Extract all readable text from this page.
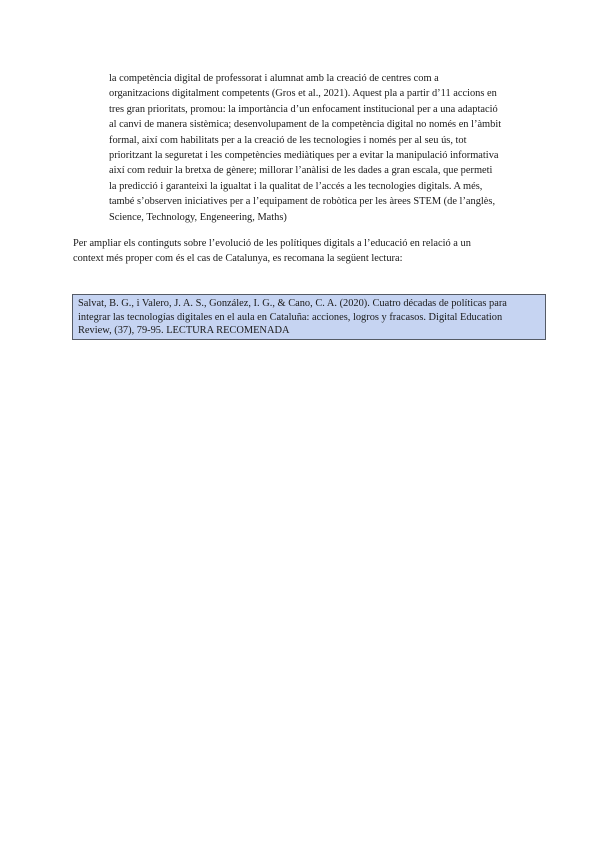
la competència digital de professorat i alumnat amb la creació de centres com a
organitzacions digitalment competents (Gros et al., 2021). Aquest pla a partir d’11 accions en
tres gran prioritats, promou: la importància d’un enfocament institucional per a una adaptació
al canvi de manera sistèmica; desenvolupament de la competència digital no només en l’àmbit
formal, així com habilitats per a la creació de les tecnologies i només per al seu ús, tot
prioritzant la seguretat i les competències mediàtiques per a evitar la manipulació informativa
així com reduir la bretxa de gènere; millorar l’anàlisi de les dades a gran escala, que permeti
la predicció i garanteixi la igualtat i la qualitat de l’accés a les tecnologies digitals. A més,
també s’observen iniciatives per a l’equipament de robòtica per les àrees STEM (de l’anglès,
Science, Technology, Engeneering, Maths)
Per ampliar els continguts sobre l’evolució de les polítiques digitals a l’educació en relació a un
context més proper com és el cas de Catalunya, es recomana la següent lectura:
Salvat, B. G., i Valero, J. A. S., González, I. G., & Cano, C. A. (2020). Cuatro décadas de políticas para
integrar las tecnologías digitales en el aula en Cataluña: acciones, logros y fracasos. Digital Education
Review, (37), 79-95. LECTURA RECOMENADA
